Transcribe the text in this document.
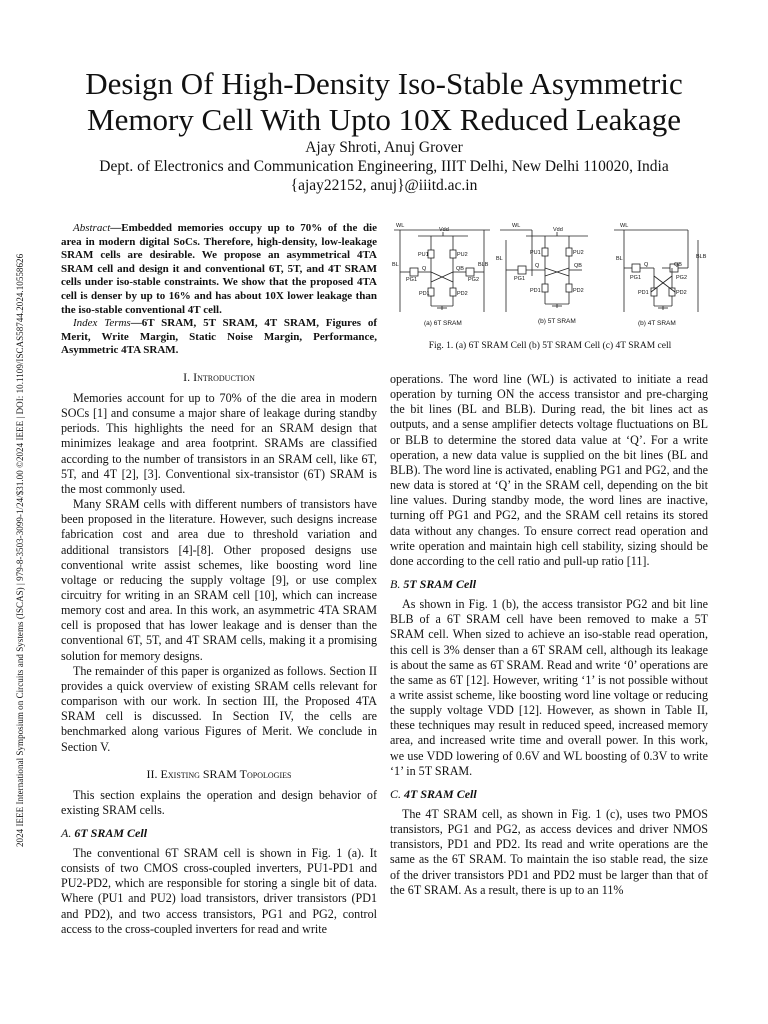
2024 IEEE International Symposium on Circuits and Systems (ISCAS) | 979-8-3503-3099-1/24/$31.00 ©2024 IEEE | DOI: 10.1109/ISCAS58744.2024.10558626
Design Of High-Density Iso-Stable Asymmetric
Memory Cell With Upto 10X Reduced Leakage
Ajay Shroti, Anuj Grover
Dept. of Electronics and Communication Engineering, IIIT Delhi, New Delhi 110020, India
{ajay22152, anuj}@iiitd.ac.in

Abstract—Embedded memories occupy up to 70% of the die area in modern digital SoCs. Therefore, high-density, low-leakage SRAM cells are desirable. We propose an asymmetrical 4TA SRAM cell and design it and conventional 6T, 5T, and 4T SRAM cells under iso-stable constraints. We show that the proposed 4TA cell is denser by up to 16% and has about 10X lower leakage than the iso-stable conventional 4T cell.

Index Terms—6T SRAM, 5T SRAM, 4T SRAM, Figures of Merit, Write Margin, Static Noise Margin, Performance, Asymmetric 4TA SRAM.

I. Introduction

Memories account for up to 70% of the die area in modern SOCs [1] and consume a major share of leakage during standby periods. This highlights the need for an SRAM design that minimizes leakage and area footprint. SRAMs are classified according to the number of transistors in an SRAM cell, like 6T, 5T, and 4T [2], [3]. Conventional six-transistor (6T) SRAM is the most commonly used.

Many SRAM cells with different numbers of transistors have been proposed in the literature. However, such designs increase fabrication cost and area due to threshold variation and additional transistors [4]-[8]. Other proposed designs use conventional write assist schemes, like boosting word line voltage or reducing the supply voltage [9], or use complex circuitry for writing in an SRAM cell [10], which can increase memory cost and area. In this work, an asymmetric 4TA SRAM cell is proposed that has lower leakage and is denser than the conventional 6T, 5T, and 4T SRAM cells, making it a promising solution for memory designs.

The remainder of this paper is organized as follows. Section II provides a quick overview of existing SRAM cells relevant for comparison with our work. In section III, the Proposed 4TA SRAM cell is discussed. In Section IV, the cells are benchmarked along various Figures of Merit. We conclude in Section V.

II. Existing SRAM Topologies

This section explains the operation and design behavior of existing SRAM cells.

A. 6T SRAM Cell

The conventional 6T SRAM cell is shown in Fig. 1 (a). It consists of two CMOS cross-coupled inverters, PU1-PD1 and PU2-PD2, which are responsible for storing a single bit of data. Where (PU1 and PU2) load transistors, driver transistors (PD1 and PD2), and two access transistors, PG1 and PG2, control access to the cross-coupled inverters for read and write

WL
Vdd
BL	BLB
PU1	PU2
PD1	PD2
PG1	PG2
Q	QB
WL
Vdd
BL
PU1	PU2
PD1	PD2
PG1
Q	QB
WL
BL	BLB
PG1	PG2
PD1	PD2
Q	QB
(a) 6T SRAM	(b) 5T SRAM	(b) 4T SRAM
Fig. 1. (a) 6T SRAM Cell (b) 5T SRAM Cell (c) 4T SRAM cell

operations. The word line (WL) is activated to initiate a read operation by turning ON the access transistor and pre-charging the bit lines (BL and BLB). During read, the bit lines act as outputs, and a sense amplifier detects voltage fluctuations on BL or BLB to determine the stored data value at ‘Q’. For a write operation, a new data value is supplied on the bit lines (BL and BLB). The word line is activated, enabling PG1 and PG2, and the new data is stored at ‘Q’ in the SRAM cell, depending on the bit line values. During standby mode, the word lines are inactive, turning off PG1 and PG2, and the SRAM cell retains its stored data without any changes. To ensure correct read operation and write operation and maintain high cell stability, sizing should be done according to the cell ratio and pull-up ratio [11].

B. 5T SRAM Cell

As shown in Fig. 1 (b), the access transistor PG2 and bit line BLB of a 6T SRAM cell have been removed to make a 5T SRAM cell. When sized to achieve an iso-stable read operation, this cell is 3% denser than a 6T SRAM cell, although its leakage is about the same as 6T SRAM. Read and write ‘0’ operations are the same as 6T [12]. However, writing ‘1’ is not possible without a write assist scheme, like boosting word line voltage or reducing the supply voltage VDD [12]. However, as shown in Table II, these techniques may result in reduced speed, increased memory area, and increased write time and overall power. In this work, we use VDD lowering of 0.6V and WL boosting of 0.3V to write ‘1’ in 5T SRAM.

C. 4T SRAM Cell

The 4T SRAM cell, as shown in Fig. 1 (c), uses two PMOS transistors, PG1 and PG2, as access devices and driver NMOS transistors, PD1 and PD2. Its read and write operations are the same as the 6T SRAM. To maintain the iso stable read, the size of the driver transistors PD1 and PD2 must be larger than that of the 6T SRAM. As a result, there is up to an 11%
